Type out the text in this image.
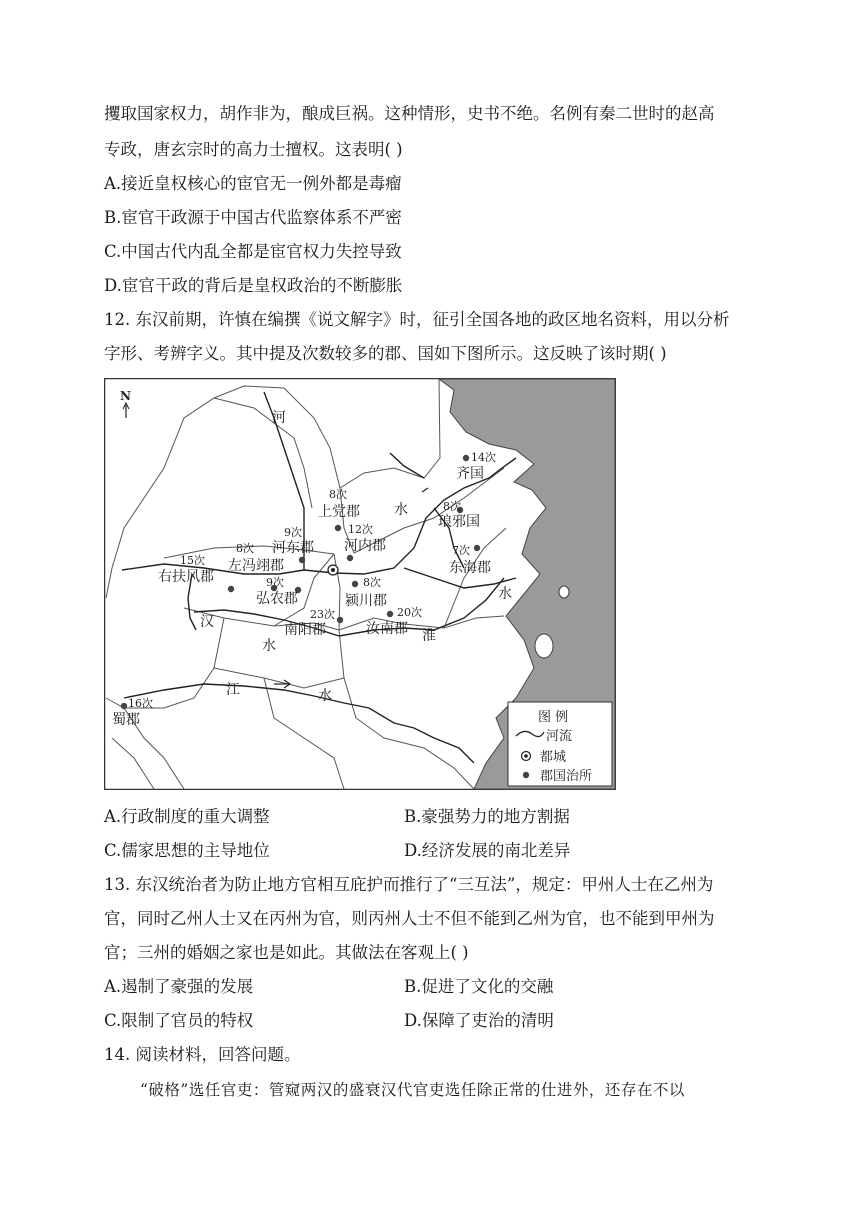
攫取国家权力，胡作非为，酿成巨祸。这种情形，史书不绝。名例有秦二世时的赵高
专政，唐玄宗时的高力士擅权。这表明( )
A.接近皇权核心的宦官无一例外都是毒瘤
B.宦官干政源于中国古代监察体系不严密
C.中国古代内乱全都是宦官权力失控导致
D.宦官干政的背后是皇权政治的不断膨胀
12. 东汉前期，许慎在编撰《说文解字》时，征引全国各地的政区地名资料，用以分析
字形、考辨字义。其中提及次数较多的郡、国如下图所示。这反映了该时期( )
N
河
水
水
汉
水
淮
江	水
8次
上党郡
12次
河内郡
14次
齐国
8次
琅邪国
7次
东海郡
9次
河东郡
8次
左冯翊郡
15次
右扶风郡	9次
弘农郡
8次
颍川郡
23次
南阳郡
20次
汝南郡
16次
蜀郡	图 例
河流
都城
郡国治所
A.行政制度的重大调整	B.豪强势力的地方割据
C.儒家思想的主导地位	D.经济发展的南北差异
13. 东汉统治者为防止地方官相互庇护而推行了“三互法”，规定：甲州人士在乙州为
官，同时乙州人士又在丙州为官，则丙州人士不但不能到乙州为官，也不能到甲州为
官；三州的婚姻之家也是如此。其做法在客观上( )
A.遏制了豪强的发展	B.促进了文化的交融
C.限制了官员的特权	D.保障了吏治的清明
14. 阅读材料，回答问题。
“破格”选任官吏：管窥两汉的盛衰汉代官吏选任除正常的仕进外，还存在不以
